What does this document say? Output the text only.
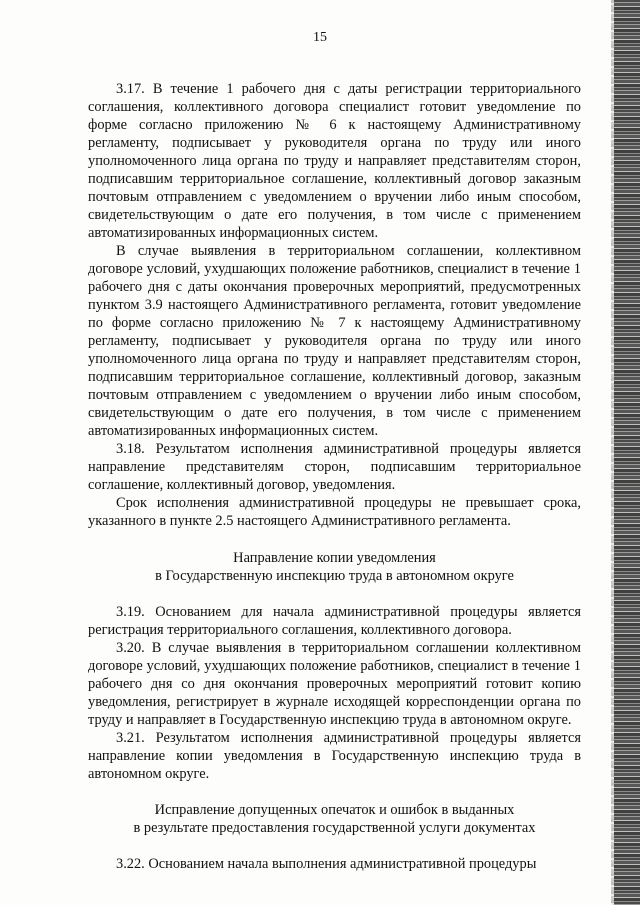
15

3.17. В течение 1 рабочего дня с даты регистрации территориального соглашения, коллективного договора специалист готовит уведомление по форме согласно приложению № 6 к настоящему Административному регламенту, подписывает у руководителя органа по труду или иного уполномоченного лица органа по труду и направляет представителям сторон, подписавшим территориальное соглашение, коллективный договор заказным почтовым отправлением с уведомлением о вручении либо иным способом, свидетельствующим о дате его получения, в том числе с применением автоматизированных информационных систем.

В случае выявления в территориальном соглашении, коллективном договоре условий, ухудшающих положение работников, специалист в течение 1 рабочего дня с даты окончания проверочных мероприятий, предусмотренных пунктом 3.9 настоящего Административного регламента, готовит уведомление по форме согласно приложению № 7 к настоящему Административному регламенту, подписывает у руководителя органа по труду или иного уполномоченного лица органа по труду и направляет представителям сторон, подписавшим территориальное соглашение, коллективный договор, заказным почтовым отправлением с уведомлением о вручении либо иным способом, свидетельствующим о дате его получения, в том числе с применением автоматизированных информационных систем.

3.18. Результатом исполнения административной процедуры является направление представителям сторон, подписавшим территориальное соглашение, коллективный договор, уведомления.

Срок исполнения административной процедуры не превышает срока, указанного в пункте 2.5 настоящего Административного регламента.

Направление копии уведомления

в Государственную инспекцию труда в автономном округе

3.19. Основанием для начала административной процедуры является регистрация территориального соглашения, коллективного договора.

3.20. В случае выявления в территориальном соглашении коллективном договоре условий, ухудшающих положение работников, специалист в течение 1 рабочего дня со дня окончания проверочных мероприятий готовит копию уведомления, регистрирует в журнале исходящей корреспонденции органа по труду и направляет в Государственную инспекцию труда в автономном округе.

3.21. Результатом исполнения административной процедуры является направление копии уведомления в Государственную инспекцию труда в автономном округе.

Исправление допущенных опечаток и ошибок в выданных

в результате предоставления государственной услуги документах

3.22. Основанием начала выполнения административной процедуры
